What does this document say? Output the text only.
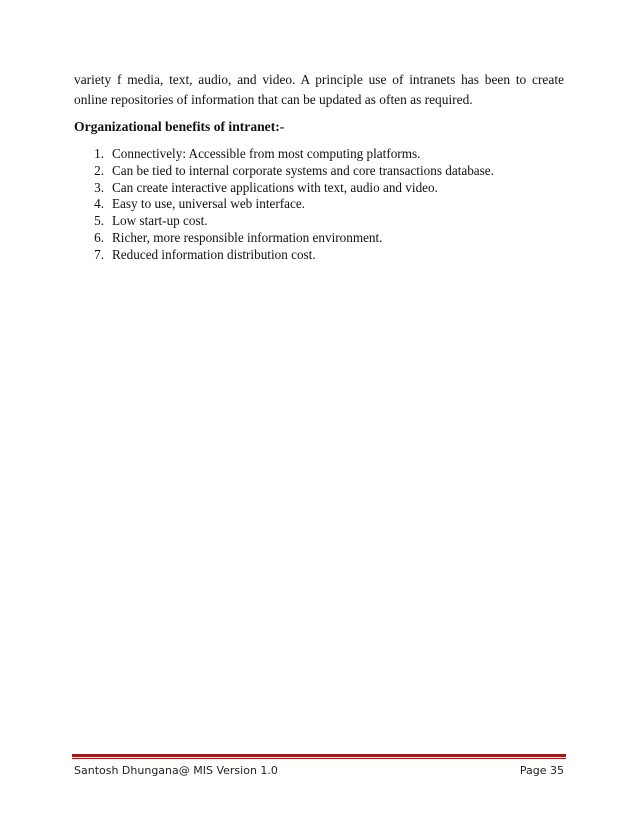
variety f media, text, audio, and video. A principle use of intranets has been to create online repositories of information that can be updated as often as required.

Organizational benefits of intranet:-

1. Connectively: Accessible from most computing platforms.
2. Can be tied to internal corporate systems and core transactions database.
3. Can create interactive applications with text, audio and video.
4. Easy to use, universal web interface.
5. Low start-up cost.
6. Richer, more responsible information environment.
7. Reduced information distribution cost.
Santosh Dhungana@ MIS Version 1.0	Page 35
